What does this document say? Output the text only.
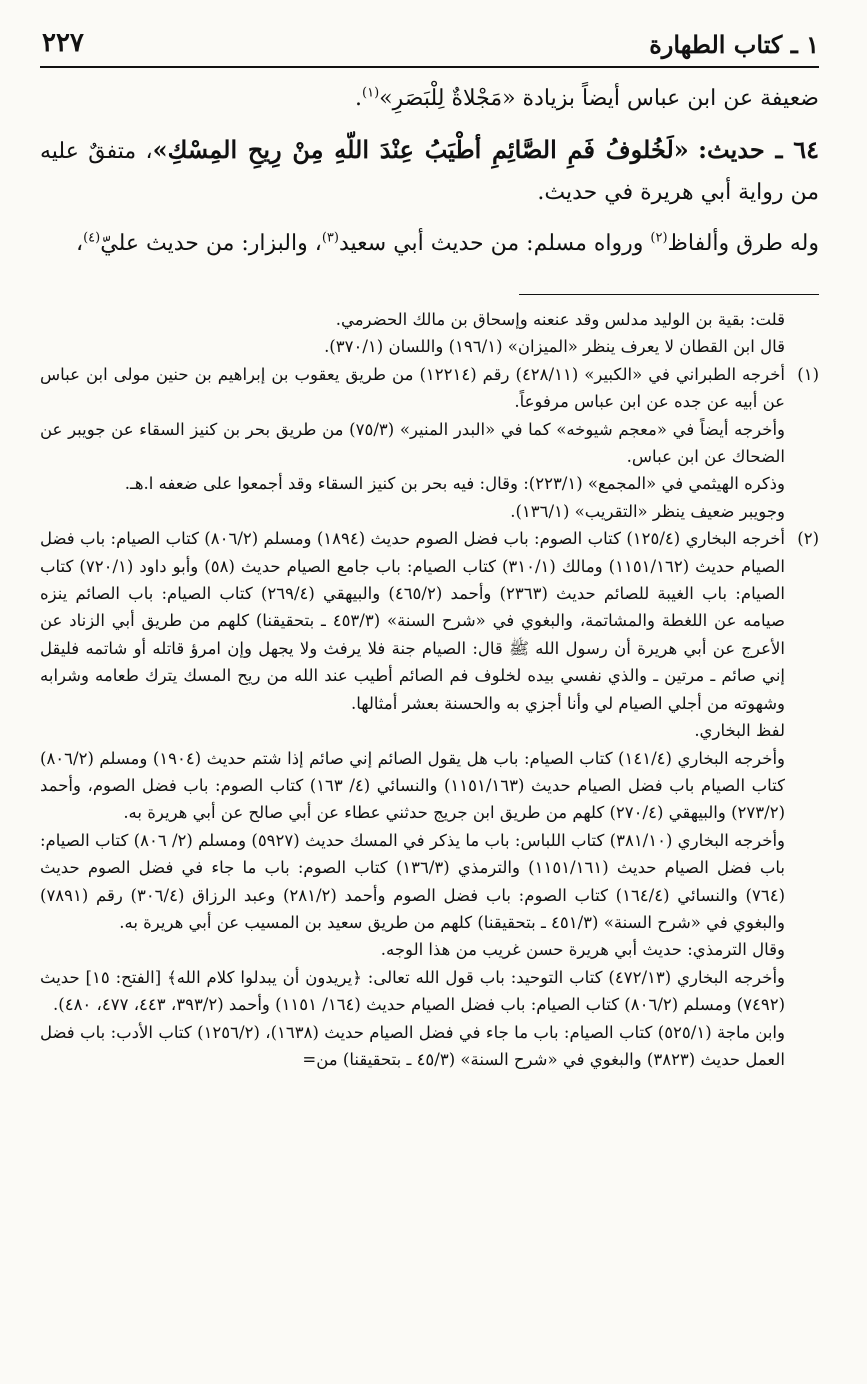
١ ـ كتاب الطهارة
٢٢٧

ضعيفة عن ابن عباس أيضاً بزيادة «مَجْلاةٌ لِلْبَصَرِ»$^{(١)}$.

٦٤ ـ حديث: «لَخُلوفُ فَمِ الصَّائِمِ أطْيَبُ عِنْدَ اللّهِ مِنْ رِيحِ المِسْكِ»، متفقٌ عليه من رواية أبي هريرة في حديث.

وله طرق وألفاظ$^{(٢)}$ ورواه مسلم: من حديث أبي سعيد$^{(٣)}$، والبزار: من حديث عليّ$^{(٤)}$،

قلت: بقية بن الوليد مدلس وقد عنعنه وإسحاق بن مالك الحضرمي.

قال ابن القطان لا يعرف ينظر «الميزان» (١٩٦/١) واللسان (٣٧٠/١).

(١)

أخرجه الطبراني في «الكبير» (٤٢٨/١١) رقم (١٢٢١٤) من طريق يعقوب بن إبراهيم بن حنين مولى ابن عباس عن أبيه عن جده عن ابن عباس مرفوعاً.

وأخرجه أيضاً في «معجم شيوخه» كما في «البدر المنير» (٧٥/٣) من طريق بحر بن كنيز السقاء عن جويبر عن الضحاك عن ابن عباس.

وذكره الهيثمي في «المجمع» (٢٢٣/١): وقال: فيه بحر بن كنيز السقاء وقد أجمعوا على ضعفه ا.هـ.

وجويبر ضعيف ينظر «التقريب» (١٣٦/١).

(٢)

أخرجه البخاري (١٢٥/٤) كتاب الصوم: باب فضل الصوم حديث (١٨٩٤) ومسلم (٨٠٦/٢) كتاب الصيام: باب فضل الصيام حديث (١١٥١/١٦٢) ومالك (٣١٠/١) كتاب الصيام: باب جامع الصيام حديث (٥٨) وأبو داود (٧٢٠/١) كتاب الصيام: باب الغيبة للصائم حديث (٢٣٦٣) وأحمد (٤٦٥/٢) والبيهقي (٢٦٩/٤) كتاب الصيام: باب الصائم ينزه صيامه عن اللغطة والمشاتمة، والبغوي في «شرح السنة» (٤٥٣/٣ ـ بتحقيقنا) كلهم من طريق أبي الزناد عن الأعرج عن أبي هريرة أن رسول الله ﷺ قال: الصيام جنة فلا يرفث ولا يجهل وإن امرؤ قاتله أو شاتمه فليقل إني صائم ـ مرتين ـ والذي نفسي بيده لخلوف فم الصائم أطيب عند الله من ريح المسك يترك طعامه وشرابه وشهوته من أجلي الصيام لي وأنا أجزي به والحسنة بعشر أمثالها.

لفظ البخاري.

وأخرجه البخاري (١٤١/٤) كتاب الصيام: باب هل يقول الصائم إني صائم إذا شتم حديث (١٩٠٤) ومسلم (٨٠٦/٢) كتاب الصيام باب فضل الصيام حديث (١١٥١/١٦٣) والنسائي (٤/ ١٦٣) كتاب الصوم: باب فضل الصوم، وأحمد (٢٧٣/٢) والبيهقي (٢٧٠/٤) كلهم من طريق ابن جريج حدثني عطاء عن أبي صالح عن أبي هريرة به.

وأخرجه البخاري (٣٨١/١٠) كتاب اللباس: باب ما يذكر في المسك حديث (٥٩٢٧) ومسلم (٢/ ٨٠٦) كتاب الصيام: باب فضل الصيام حديث (١١٥١/١٦١) والترمذي (١٣٦/٣) كتاب الصوم: باب ما جاء في فضل الصوم حديث (٧٦٤) والنسائي (١٦٤/٤) كتاب الصوم: باب فضل الصوم وأحمد (٢٨١/٢) وعبد الرزاق (٣٠٦/٤) رقم (٧٨٩١) والبغوي في «شرح السنة» (٤٥١/٣ ـ بتحقيقنا) كلهم من طريق سعيد بن المسيب عن أبي هريرة به.

وقال الترمذي: حديث أبي هريرة حسن غريب من هذا الوجه.

وأخرجه البخاري (٤٧٢/١٣) كتاب التوحيد: باب قول الله تعالى: ﴿يريدون أن يبدلوا كلام الله﴾ [الفتح: ١٥] حديث (٧٤٩٢) ومسلم (٨٠٦/٢) كتاب الصيام: باب فضل الصيام حديث (١٦٤/ ١١٥١) وأحمد (٣٩٣/٢، ٤٤٣، ٤٧٧، ٤٨٠).

وابن ماجة (٥٢٥/١) كتاب الصيام: باب ما جاء في فضل الصيام حديث (١٦٣٨)، (١٢٥٦/٢) كتاب الأدب: باب فضل العمل حديث (٣٨٢٣) والبغوي في «شرح السنة» (٤٥/٣ ـ بتحقيقنا) من=
